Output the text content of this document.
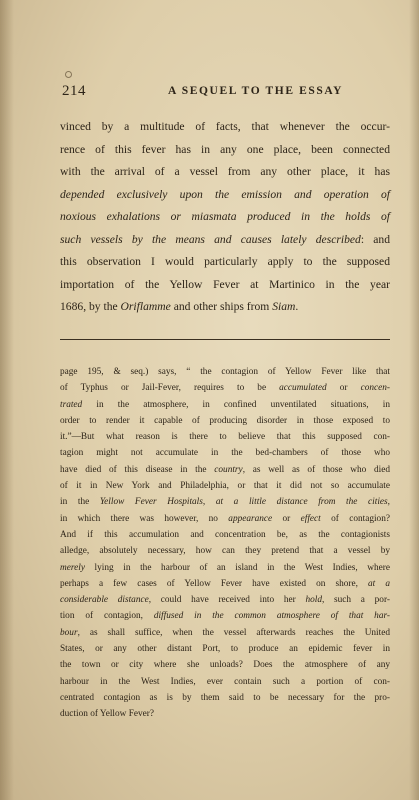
214	A SEQUEL TO THE ESSAY
vinced by a multitude of facts, that whenever the occur-
rence of this fever has in any one place, been connected
with the arrival of a vessel from any other place, it has
depended exclusively upon the emission and operation of
noxious exhalations or miasmata produced in the holds of
such vessels by the means and causes lately described: and
this observation I would particularly apply to the supposed
importation of the Yellow Fever at Martinico in the year
1686, by the Oriflamme and other ships from Siam.
page 195, & seq.) says, “ the contagion of Yellow Fever like that
of Typhus or Jail-Fever, requires to be accumulated or concen-
trated in the atmosphere, in confined unventilated situations, in
order to render it capable of producing disorder in those exposed to
it.”—But what reason is there to believe that this supposed con-
tagion might not accumulate in the bed-chambers of those who
have died of this disease in the country, as well as of those who died
of it in New York and Philadelphia, or that it did not so accumulate
in the Yellow Fever Hospitals, at a little distance from the cities,
in which there was however, no appearance or effect of contagion?
And if this accumulation and concentration be, as the contagionists
alledge, absolutely necessary, how can they pretend that a vessel by
merely lying in the harbour of an island in the West Indies, where
perhaps a few cases of Yellow Fever have existed on shore, at a
considerable distance, could have received into her hold, such a por-
tion of contagion, diffused in the common atmosphere of that har-
bour, as shall suffice, when the vessel afterwards reaches the United
States, or any other distant Port, to produce an epidemic fever in
the town or city where she unloads? Does the atmosphere of any
harbour in the West Indies, ever contain such a portion of con-
centrated contagion as is by them said to be necessary for the pro-
duction of Yellow Fever?
